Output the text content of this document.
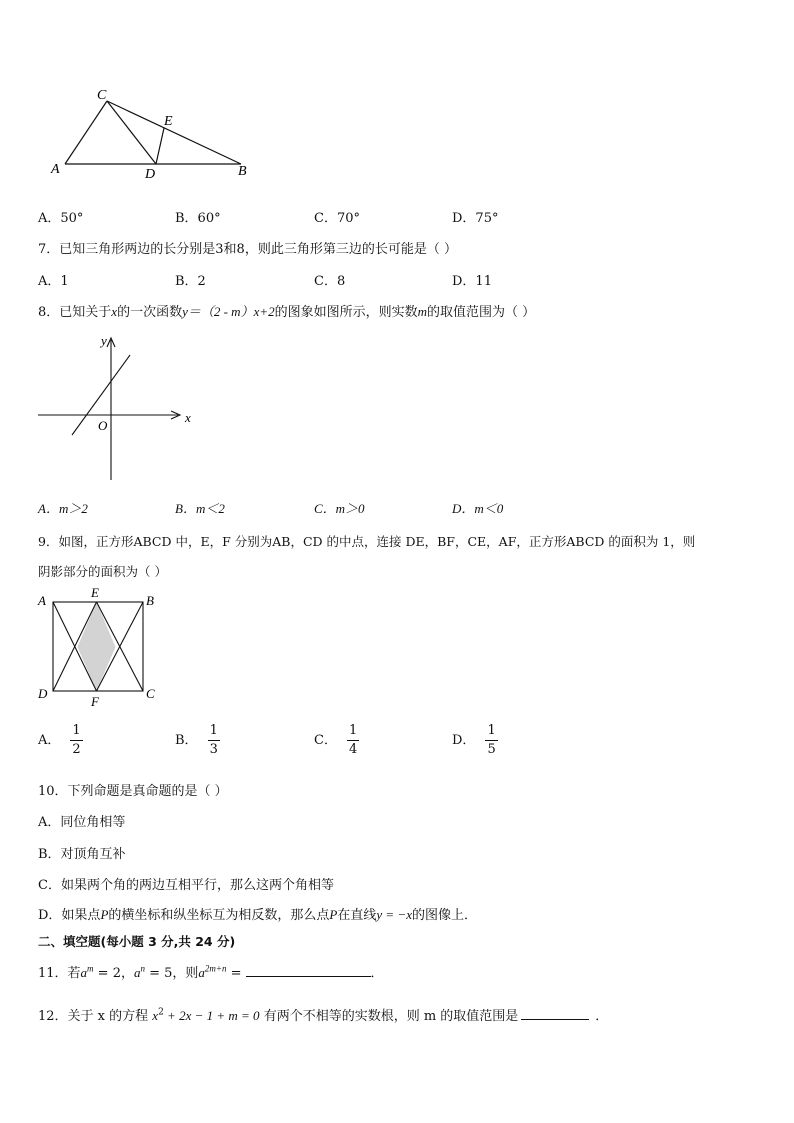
C
E
A	D	B
A．50°	B．60°	C．70°	D．75°
7．已知三角形两边的长分别是3和8，则此三角形第三边的长可能是（ ）
A．1	B．2	C．8	D．11
8．已知关于x的一次函数y＝（2 - m）x+2的图象如图所示，则实数m的取值范围为（ ）
y
x
O
A．m＞2	B．m＜2	C．m＞0	D．m＜0
9．如图，正方形ABCD 中，E，F 分别为AB，CD 的中点，连接 DE，BF，CE，AF，正方形ABCD 的面积为 1，则
阴影部分的面积为（ ）
A
E
B
D
F
C
A． $\frac{1}{2}$	B． $\frac{1}{3}$	C． $\frac{1}{4}$	D． $\frac{1}{5}$
10．下列命题是真命题的是（ ）
A．同位角相等
B．对顶角互补
C．如果两个角的两边互相平行，那么这两个角相等
D．如果点P的横坐标和纵坐标互为相反数，那么点P在直线y = −x的图像上．
二、填空题(每小题 3 分,共 24 分)
11．若$a^m = 2$，$a^n = 5$，则$a^{2m+n}$ =	．
12．关于 x 的方程 $x^2 + 2x - 1 + m = 0$ 有两个不相等的实数根，则 m 的取值范围是	．
